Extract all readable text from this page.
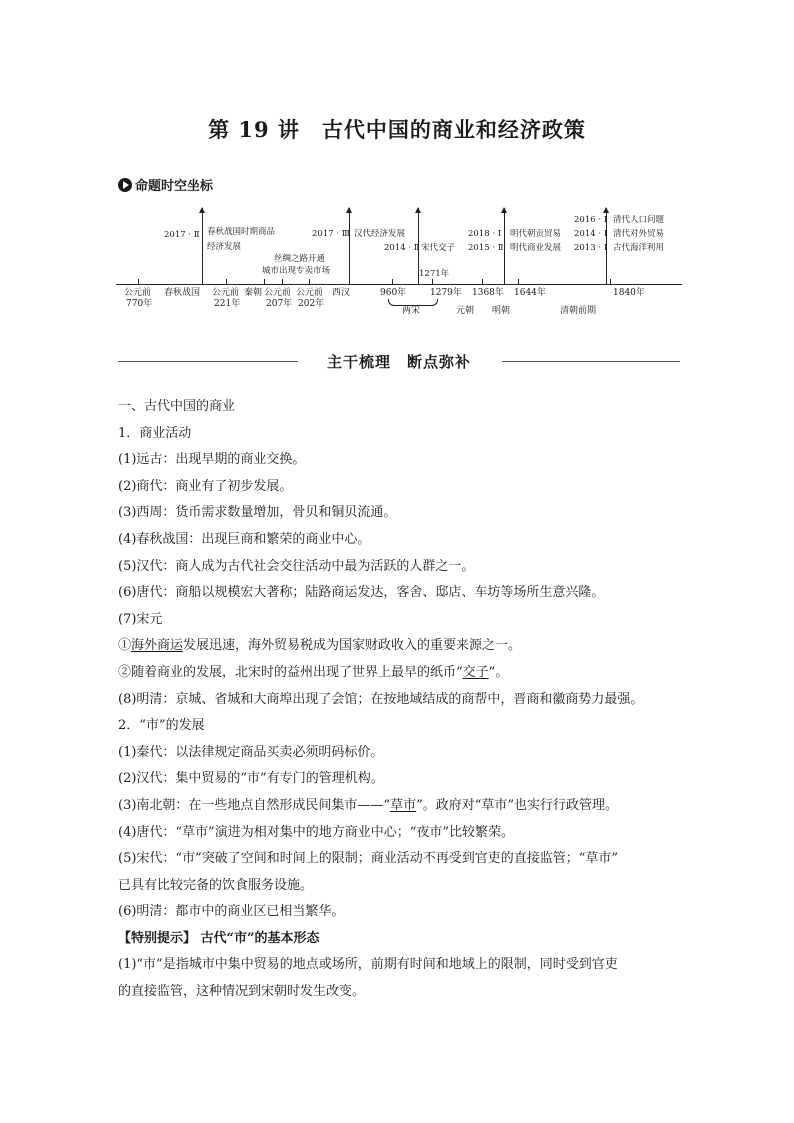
第 19 讲　古代中国的商业和经济政策
命题时空坐标
2017 · Ⅱ 春秋战国时期商品
经济发展
丝绸之路开通
城市出现专卖市场
2017 · Ⅲ 汉代经济发展
2014 · Ⅱ 宋代交子
1271年
2018 · Ⅰ
2015 · Ⅱ
明代朝贡贸易
明代商业发展
2016 · Ⅰ
2014 · Ⅰ
2013 · Ⅰ
清代人口问题
清代对外贸易
古代海洋利用
公元前
770年
春秋战国 公元前
221年
秦朝 公元前
207年
公元前
202年
西汉	960年	1279年 1368年 1644年	1840年
两宋	元朝 明朝	清朝前期
主干梳理　断点弥补
一、古代中国的商业
1．商业活动
(1)远古：出现早期的商业交换。
(2)商代：商业有了初步发展。
(3)西周：货币需求数量增加，骨贝和铜贝流通。
(4)春秋战国：出现巨商和繁荣的商业中心。
(5)汉代：商人成为古代社会交往活动中最为活跃的人群之一。
(6)唐代：商船以规模宏大著称；陆路商运发达，客舍、邸店、车坊等场所生意兴隆。
(7)宋元
①海外商运发展迅速，海外贸易税成为国家财政收入的重要来源之一。
②随着商业的发展，北宋时的益州出现了世界上最早的纸币“交子”。
(8)明清：京城、省城和大商埠出现了会馆；在按地域结成的商帮中，晋商和徽商势力最强。
2．“市”的发展
(1)秦代：以法律规定商品买卖必须明码标价。
(2)汉代：集中贸易的“市”有专门的管理机构。
(3)南北朝：在一些地点自然形成民间集市——“草市”。政府对“草市”也实行行政管理。
(4)唐代：“草市”演进为相对集中的地方商业中心；“夜市”比较繁荣。
(5)宋代：“市”突破了空间和时间上的限制；商业活动不再受到官吏的直接监管；“草市”
已具有比较完备的饮食服务设施。
(6)明清：都市中的商业区已相当繁华。
【特别提示】 古代“市”的基本形态
(1)“市”是指城市中集中贸易的地点或场所，前期有时间和地域上的限制，同时受到官吏
的直接监管，这种情况到宋朝时发生改变。
